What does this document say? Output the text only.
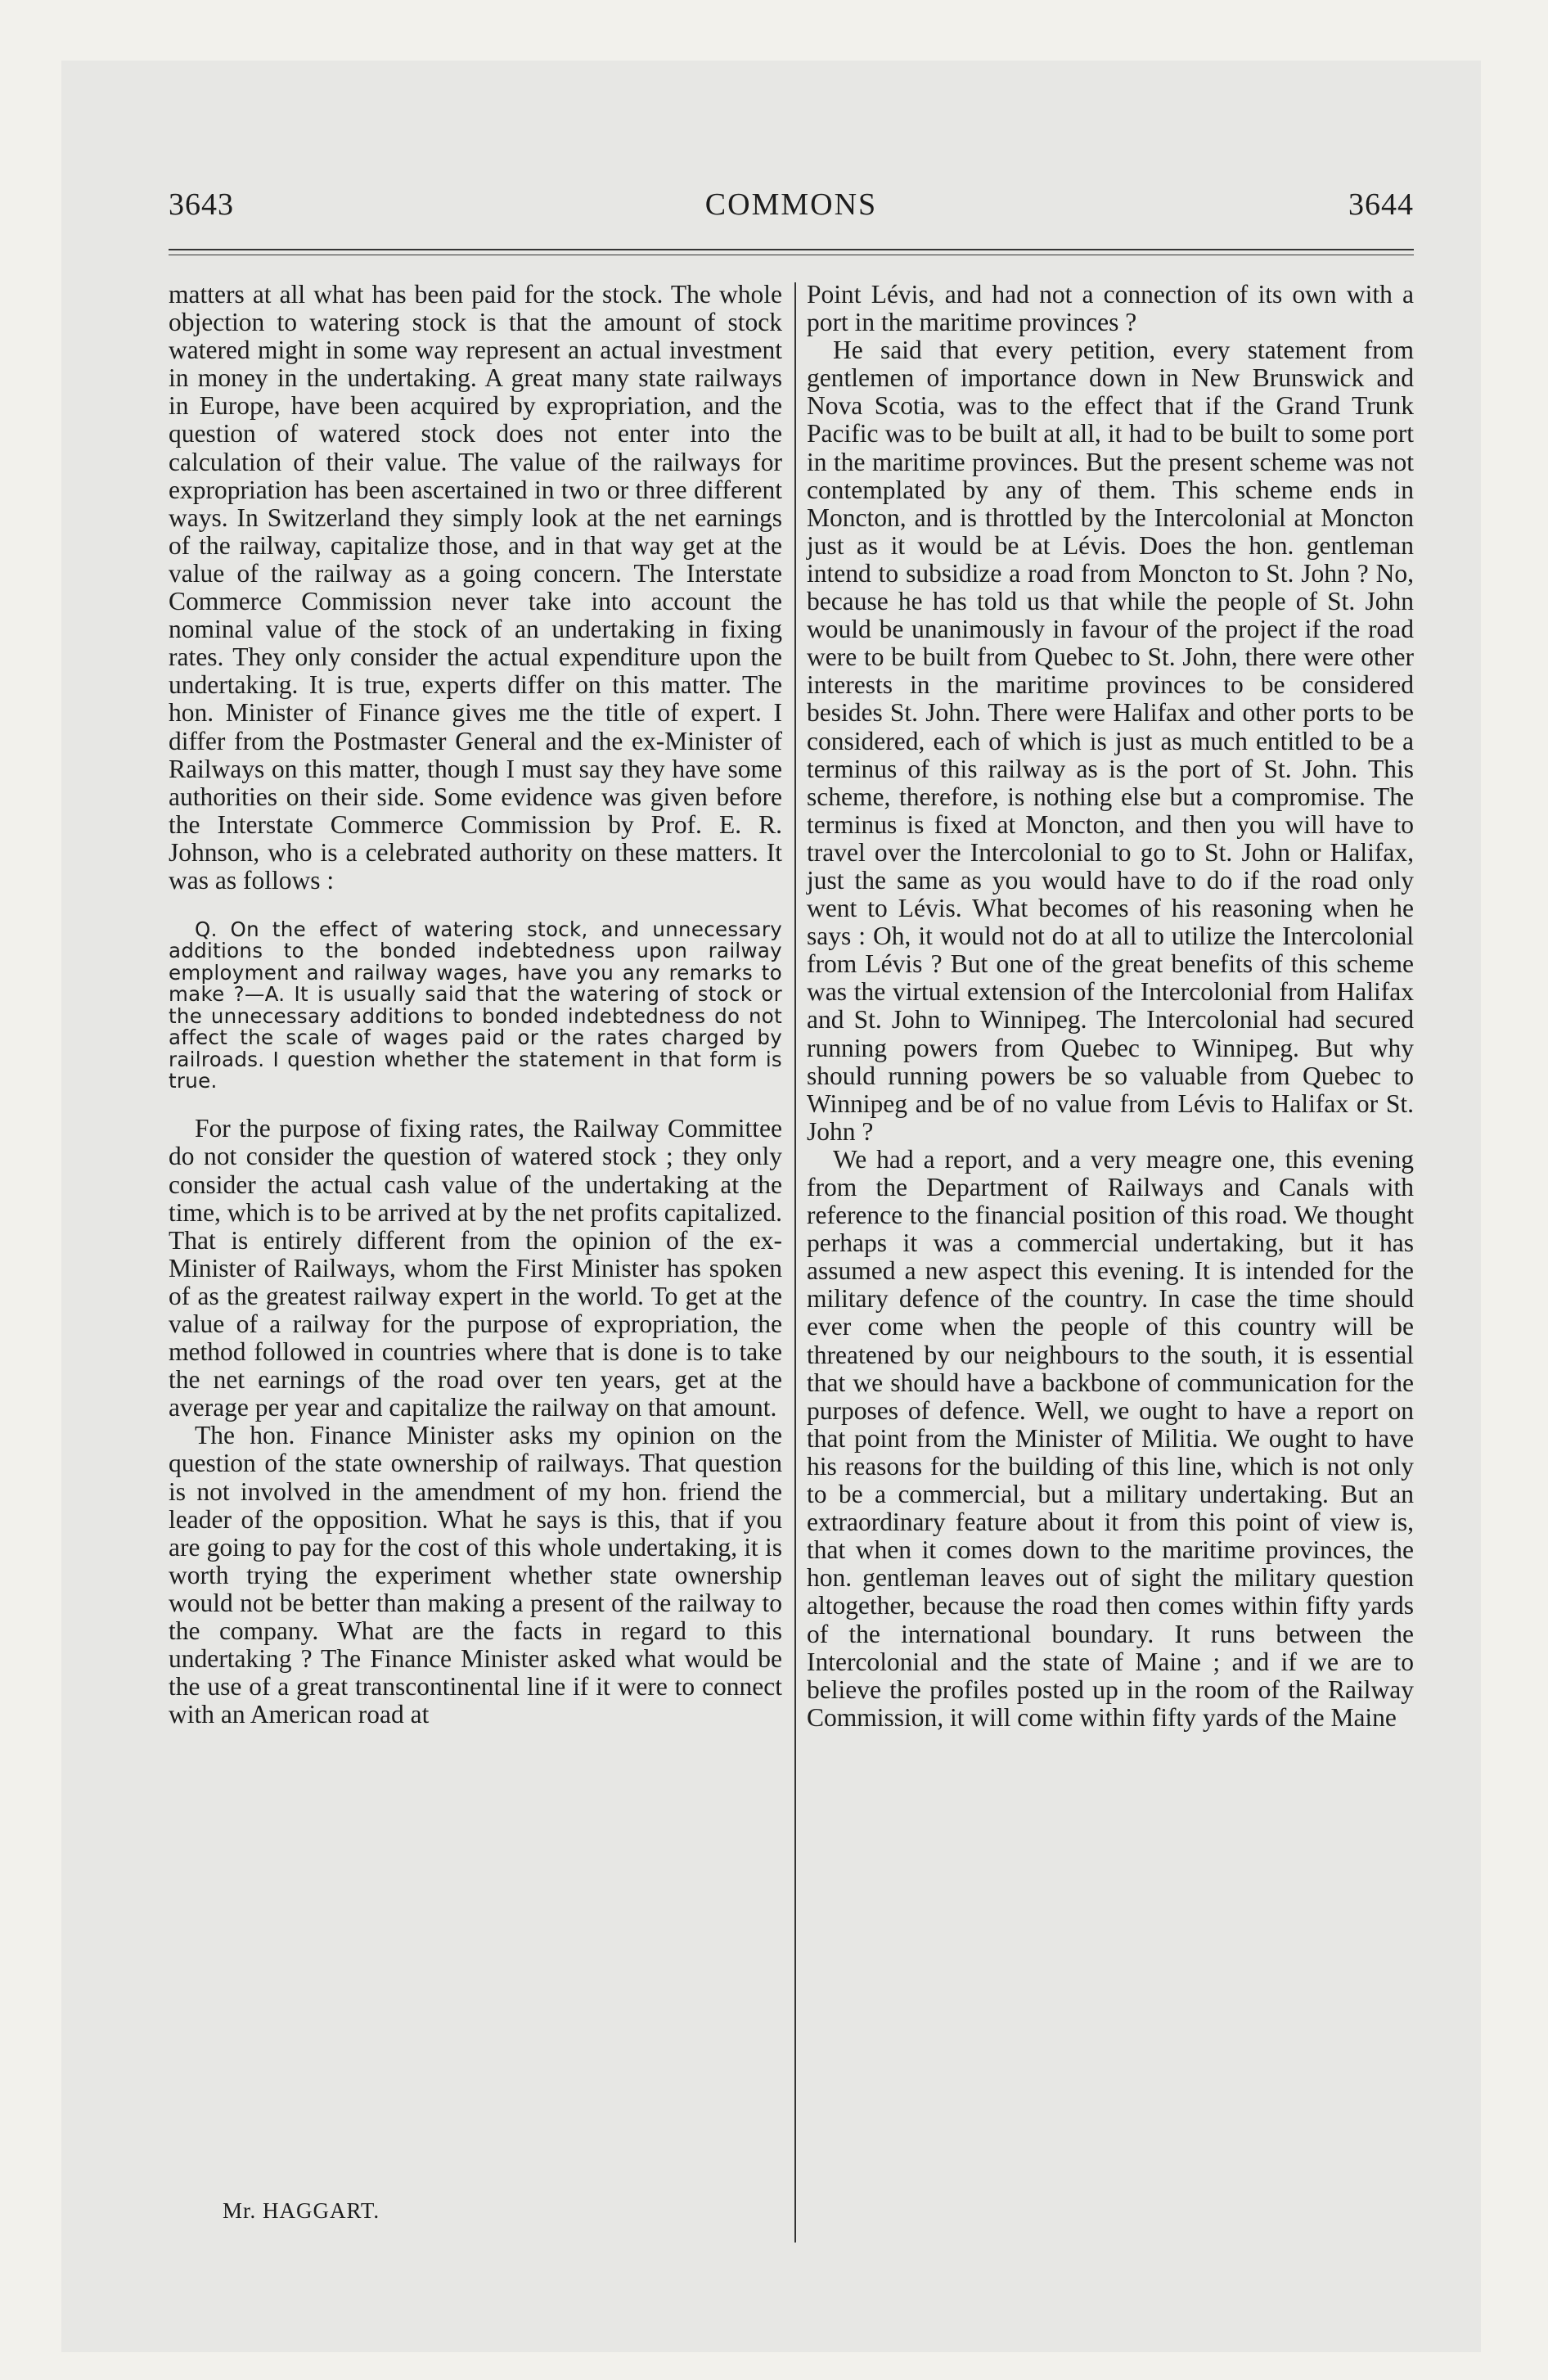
3643	COMMONS	3644

matters at all what has been paid for the stock. The whole objection to watering stock is that the amount of stock watered might in some way represent an actual investment in money in the undertaking. A great many state railways in Europe, have been acquired by expropriation, and the question of watered stock does not enter into the calculation of their value. The value of the railways for expropriation has been ascertained in two or three different ways. In Switzerland they simply look at the net earnings of the railway, capitalize those, and in that way get at the value of the railway as a going concern. The Interstate Commerce Commission never take into account the nominal value of the stock of an undertaking in fixing rates. They only consider the actual expenditure upon the undertaking. It is true, experts differ on this matter. The hon. Minister of Finance gives me the title of expert. I differ from the Postmaster General and the ex-Minister of Railways on this matter, though I must say they have some authorities on their side. Some evidence was given before the Interstate Commerce Commission by Prof. E. R. Johnson, who is a celebrated authority on these matters. It was as follows :

Q. On the effect of watering stock, and unnecessary additions to the bonded indebtedness upon railway employment and railway wages, have you any remarks to make ?—A. It is usually said that the watering of stock or the unnecessary additions to bonded indebtedness do not affect the scale of wages paid or the rates charged by railroads. I question whether the statement in that form is true.

For the purpose of fixing rates, the Railway Committee do not consider the question of watered stock ; they only consider the actual cash value of the undertaking at the time, which is to be arrived at by the net profits capitalized. That is entirely different from the opinion of the ex-Minister of Railways, whom the First Minister has spoken of as the greatest railway expert in the world. To get at the value of a railway for the purpose of expropriation, the method followed in countries where that is done is to take the net earnings of the road over ten years, get at the average per year and capitalize the railway on that amount.

The hon. Finance Minister asks my opinion on the question of the state ownership of railways. That question is not involved in the amendment of my hon. friend the leader of the opposition. What he says is this, that if you are going to pay for the cost of this whole undertaking, it is worth trying the experiment whether state ownership would not be better than making a present of the railway to the company. What are the facts in regard to this undertaking ? The Finance Minister asked what would be the use of a great transcontinental line if it were to connect with an American road at

Point Lévis, and had not a connection of its own with a port in the maritime provinces ?

He said that every petition, every statement from gentlemen of importance down in New Brunswick and Nova Scotia, was to the effect that if the Grand Trunk Pacific was to be built at all, it had to be built to some port in the maritime provinces. But the present scheme was not contemplated by any of them. This scheme ends in Moncton, and is throttled by the Intercolonial at Moncton just as it would be at Lévis. Does the hon. gentleman intend to subsidize a road from Moncton to St. John ? No, because he has told us that while the people of St. John would be unanimously in favour of the project if the road were to be built from Quebec to St. John, there were other interests in the maritime provinces to be considered besides St. John. There were Halifax and other ports to be considered, each of which is just as much entitled to be a terminus of this railway as is the port of St. John. This scheme, therefore, is nothing else but a compromise. The terminus is fixed at Moncton, and then you will have to travel over the Intercolonial to go to St. John or Halifax, just the same as you would have to do if the road only went to Lévis. What becomes of his reasoning when he says : Oh, it would not do at all to utilize the Intercolonial from Lévis ? But one of the great benefits of this scheme was the virtual extension of the Intercolonial from Halifax and St. John to Winnipeg. The Intercolonial had secured running powers from Quebec to Winnipeg. But why should running powers be so valuable from Quebec to Winnipeg and be of no value from Lévis to Halifax or St. John ?

We had a report, and a very meagre one, this evening from the Department of Railways and Canals with reference to the financial position of this road. We thought perhaps it was a commercial undertaking, but it has assumed a new aspect this evening. It is intended for the military defence of the country. In case the time should ever come when the people of this country will be threatened by our neighbours to the south, it is essential that we should have a backbone of communication for the purposes of defence. Well, we ought to have a report on that point from the Minister of Militia. We ought to have his reasons for the building of this line, which is not only to be a commercial, but a military undertaking. But an extraordinary feature about it from this point of view is, that when it comes down to the maritime provinces, the hon. gentleman leaves out of sight the military question altogether, because the road then comes within fifty yards of the international boundary. It runs between the Intercolonial and the state of Maine ; and if we are to believe the profiles posted up in the room of the Railway Commission, it will come within fifty yards of the Maine

Mr. HAGGART.
